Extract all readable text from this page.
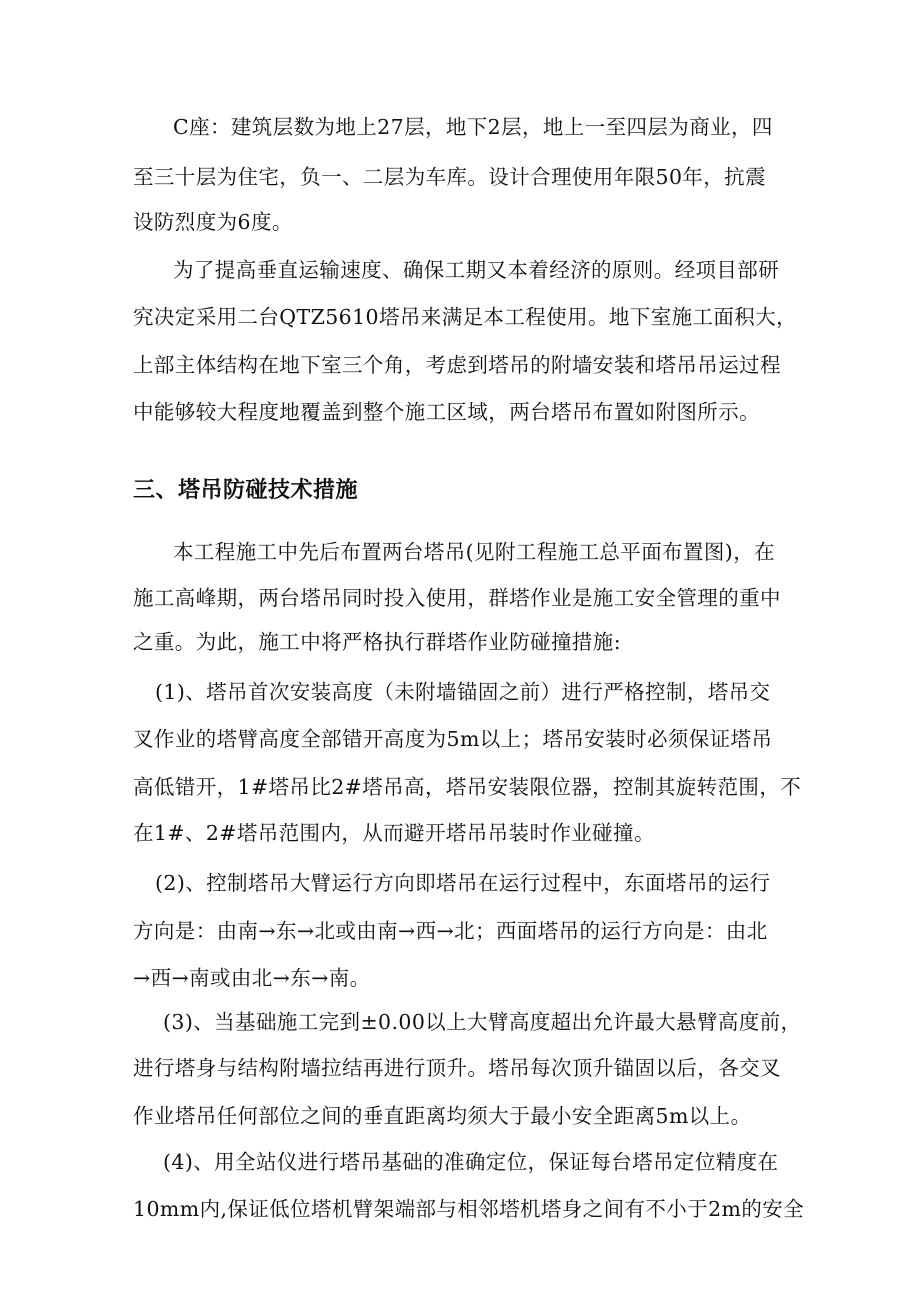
C座：建筑层数为地上27层，地下2层，地上一至四层为商业，四
至三十层为住宅，负一、二层为车库。设计合理使用年限50年，抗震
设防烈度为6度。
为了提高垂直运输速度、确保工期又本着经济的原则。经项目部研
究决定采用二台QTZ5610塔吊来满足本工程使用。地下室施工面积大，
上部主体结构在地下室三个角，考虑到塔吊的附墙安装和塔吊吊运过程
中能够较大程度地覆盖到整个施工区域，两台塔吊布置如附图所示。
三、塔吊防碰技术措施
本工程施工中先后布置两台塔吊(见附工程施工总平面布置图)，在
施工高峰期，两台塔吊同时投入使用，群塔作业是施工安全管理的重中
之重。为此，施工中将严格执行群塔作业防碰撞措施:
(1)、塔吊首次安装高度（未附墙锚固之前）进行严格控制，塔吊交
叉作业的塔臂高度全部错开高度为5m以上；塔吊安装时必须保证塔吊
高低错开，1#塔吊比2#塔吊高，塔吊安装限位器，控制其旋转范围，不
在1#、2#塔吊范围内，从而避开塔吊吊装时作业碰撞。
(2)、控制塔吊大臂运行方向即塔吊在运行过程中，东面塔吊的运行
方向是：由南→东→北或由南→西→北；西面塔吊的运行方向是：由北
→西→南或由北→东→南。
(3)、当基础施工完到±0.00以上大臂高度超出允许最大悬臂高度前，
进行塔身与结构附墙拉结再进行顶升。塔吊每次顶升锚固以后，各交叉
作业塔吊任何部位之间的垂直距离均须大于最小安全距离5m以上。
(4)、用全站仪进行塔吊基础的准确定位，保证每台塔吊定位精度在
10mm内,保证低位塔机臂架端部与相邻塔机塔身之间有不小于2m的安全
